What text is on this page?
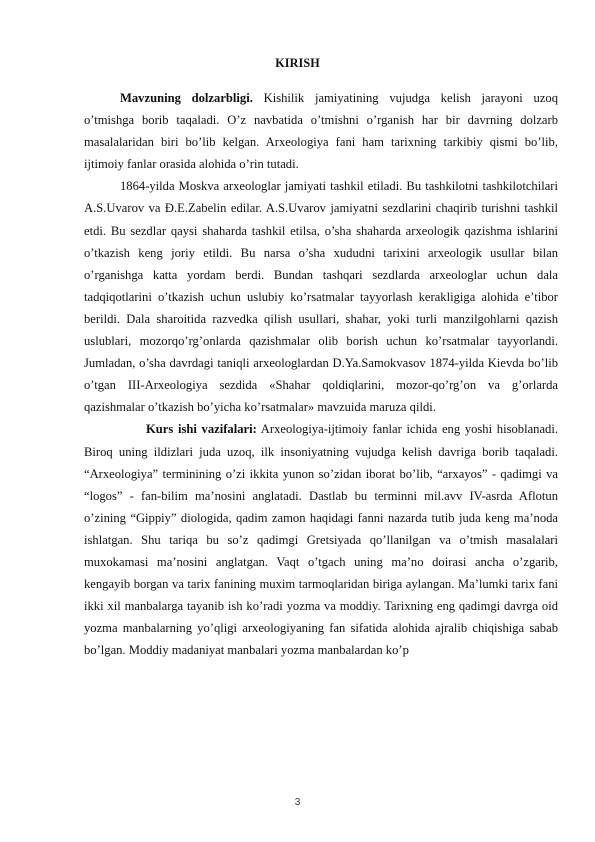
KIRISH

Mavzuning dolzarbligi. Kishilik jamiyatining vujudga kelish jarayoni uzoq o’tmishga borib taqaladi. O’z navbatida o’tmishni o’rganish har bir davrning dolzarb masalalaridan biri bo’lib kelgan. Arxeologiya fani ham tarixning tarkibiy qismi bo’lib, ijtimoiy fanlar orasida alohida o’rin tutadi.

1864-yilda Moskva arxeologlar jamiyati tashkil etiladi. Bu tashkilotni tashkilotchilari A.S.Uvarov va Ð.E.Zabelin edilar. A.S.Uvarov jamiyatni sezdlarini chaqirib turishni tashkil etdi. Bu sezdlar qaysi shaharda tashkil etilsa, o’sha shaharda arxeologik qazishma ishlarini o’tkazish keng joriy etildi. Bu narsa o’sha xududni tarixini arxeologik usullar bilan o’rganishga katta yordam berdi. Bundan tashqari sezdlarda arxeologlar uchun dala tadqiqotlarini o’tkazish uchun uslubiy ko’rsatmalar tayyorlash kerakligiga alohida e’tibor berildi. Dala sharoitida razvedka qilish usullari, shahar, yoki turli manzilgohlarni qazish uslublari, mozorqo’rg’onlarda qazishmalar olib borish uchun ko’rsatmalar tayyorlandi. Jumladan, o’sha davrdagi taniqli arxeologlardan D.Ya.Samokvasov 1874-yilda Kievda bo’lib o’tgan III-Arxeologiya sezdida «Shahar qoldiqlarini, mozor-qo’rg’on va g’orlarda qazishmalar o’tkazish bo’yicha ko’rsatmalar» mavzuida maruza qildi.

Kurs ishi vazifalari: Arxeologiya-ijtimoiy fanlar ichida eng yoshi hisoblanadi. Biroq uning ildizlari juda uzoq, ilk insoniyatning vujudga kelish davriga borib taqaladi. “Arxeologiya” terminining o’zi ikkita yunon so’zidan iborat bo’lib, “arxayos” - qadimgi va “logos” - fan-bilim ma’nosini anglatadi. Dastlab bu terminni mil.avv IV-asrda Aflotun o’zining “Gippiy” diologida, qadim zamon haqidagi fanni nazarda tutib juda keng ma’noda ishlatgan. Shu tariqa bu so’z qadimgi Gretsiyada qo’llanilgan va o’tmish masalalari muxokamasi ma’nosini anglatgan. Vaqt o’tgach uning ma’no doirasi ancha o’zgarib, kengayib borgan va tarix fanining muxim tarmoqlaridan biriga aylangan. Ma’lumki tarix fani ikki xil manbalarga tayanib ish ko’radi yozma va moddiy. Tarixning eng qadimgi davrga oid yozma manbalarning yo’qligi arxeologiyaning fan sifatida alohida ajralib chiqishiga sabab bo’lgan. Moddiy madaniyat manbalari yozma manbalardan ko’p

3
